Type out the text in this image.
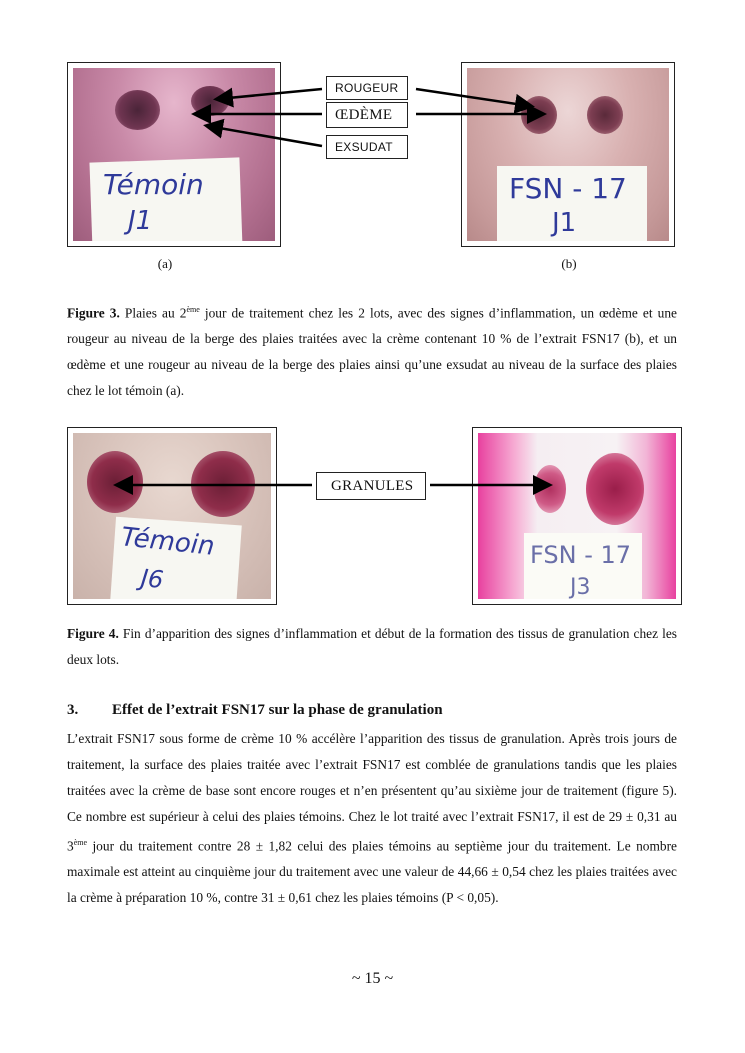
Témoin
J1
(a)
FSN - 17
J1
(b)
ROUGEUR
ŒDÈME
EXSUDAT
Figure 3. Plaies au 2ème jour de traitement chez les 2 lots, avec des signes d’inflammation, un œdème et une rougeur au niveau de la berge des plaies traitées avec la crème contenant 10 % de l’extrait FSN17 (b), et un œdème et une rougeur au niveau de la berge des plaies ainsi qu’une exsudat au niveau de la surface des plaies chez le lot témoin (a).
Témoin
J6
FSN - 17
J3
GRANULES
Figure 4. Fin d’apparition des signes d’inflammation et début de la formation des tissus de granulation chez les deux lots.
3. Effet de l’extrait FSN17 sur la phase de granulation
L’extrait FSN17 sous forme de crème 10 % accélère l’apparition des tissus de granulation. Après trois jours de traitement, la surface des plaies traitée avec l’extrait FSN17 est comblée de granulations tandis que les plaies traitées avec la crème de base sont encore rouges et n’en présentent qu’au sixième jour de traitement (figure 5). Ce nombre est supérieur à celui des plaies témoins. Chez le lot traité avec l’extrait FSN17, il est de 29 ± 0,31 au 3ème jour du traitement contre 28 ± 1,82 celui des plaies témoins au septième jour du traitement. Le nombre maximale est atteint au cinquième jour du traitement avec une valeur de 44,66 ± 0,54 chez les plaies traitées avec la crème à préparation 10 %, contre 31 ± 0,61 chez les plaies témoins (P < 0,05).
~ 15 ~
